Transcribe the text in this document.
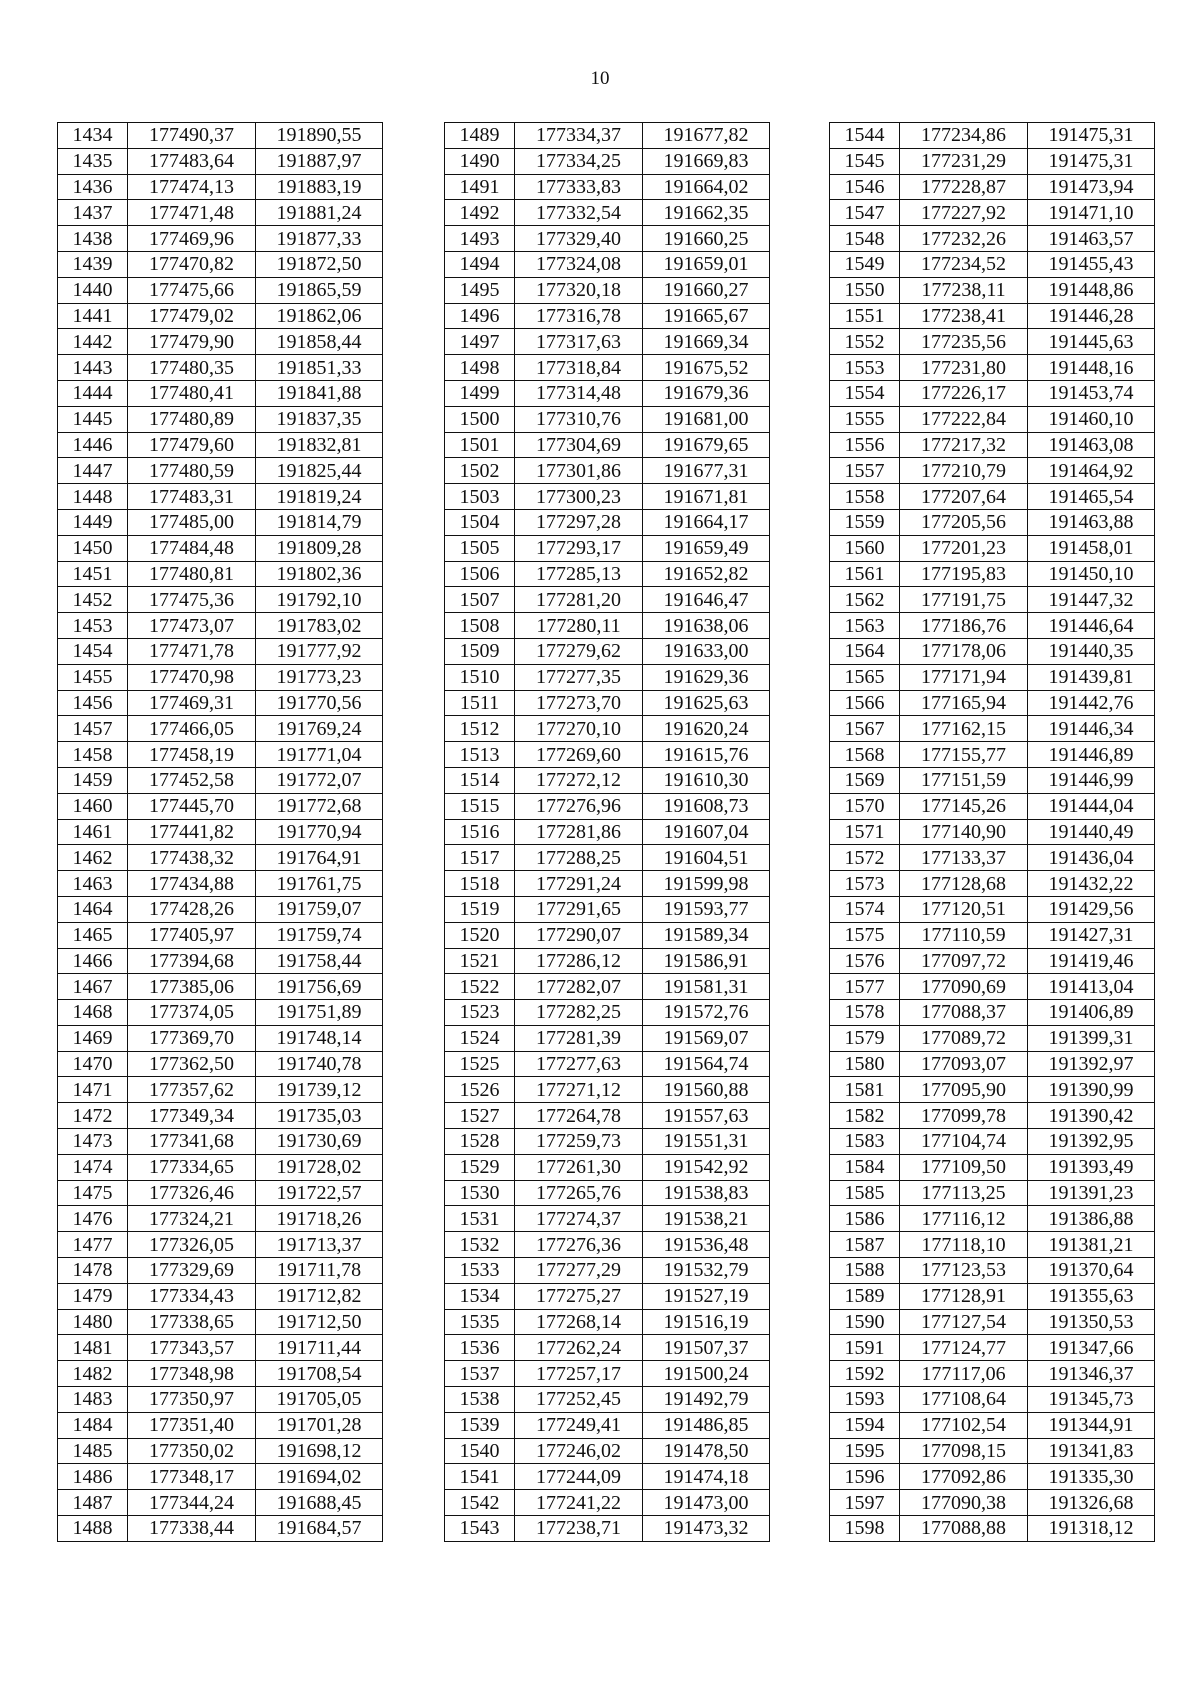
10
1434	177490,37	191890,55
1435	177483,64	191887,97
1436	177474,13	191883,19
1437	177471,48	191881,24
1438	177469,96	191877,33
1439	177470,82	191872,50
1440	177475,66	191865,59
1441	177479,02	191862,06
1442	177479,90	191858,44
1443	177480,35	191851,33
1444	177480,41	191841,88
1445	177480,89	191837,35
1446	177479,60	191832,81
1447	177480,59	191825,44
1448	177483,31	191819,24
1449	177485,00	191814,79
1450	177484,48	191809,28
1451	177480,81	191802,36
1452	177475,36	191792,10
1453	177473,07	191783,02
1454	177471,78	191777,92
1455	177470,98	191773,23
1456	177469,31	191770,56
1457	177466,05	191769,24
1458	177458,19	191771,04
1459	177452,58	191772,07
1460	177445,70	191772,68
1461	177441,82	191770,94
1462	177438,32	191764,91
1463	177434,88	191761,75
1464	177428,26	191759,07
1465	177405,97	191759,74
1466	177394,68	191758,44
1467	177385,06	191756,69
1468	177374,05	191751,89
1469	177369,70	191748,14
1470	177362,50	191740,78
1471	177357,62	191739,12
1472	177349,34	191735,03
1473	177341,68	191730,69
1474	177334,65	191728,02
1475	177326,46	191722,57
1476	177324,21	191718,26
1477	177326,05	191713,37
1478	177329,69	191711,78
1479	177334,43	191712,82
1480	177338,65	191712,50
1481	177343,57	191711,44
1482	177348,98	191708,54
1483	177350,97	191705,05
1484	177351,40	191701,28
1485	177350,02	191698,12
1486	177348,17	191694,02
1487	177344,24	191688,45
1488	177338,44	191684,57
1489	177334,37	191677,82
1490	177334,25	191669,83
1491	177333,83	191664,02
1492	177332,54	191662,35
1493	177329,40	191660,25
1494	177324,08	191659,01
1495	177320,18	191660,27
1496	177316,78	191665,67
1497	177317,63	191669,34
1498	177318,84	191675,52
1499	177314,48	191679,36
1500	177310,76	191681,00
1501	177304,69	191679,65
1502	177301,86	191677,31
1503	177300,23	191671,81
1504	177297,28	191664,17
1505	177293,17	191659,49
1506	177285,13	191652,82
1507	177281,20	191646,47
1508	177280,11	191638,06
1509	177279,62	191633,00
1510	177277,35	191629,36
1511	177273,70	191625,63
1512	177270,10	191620,24
1513	177269,60	191615,76
1514	177272,12	191610,30
1515	177276,96	191608,73
1516	177281,86	191607,04
1517	177288,25	191604,51
1518	177291,24	191599,98
1519	177291,65	191593,77
1520	177290,07	191589,34
1521	177286,12	191586,91
1522	177282,07	191581,31
1523	177282,25	191572,76
1524	177281,39	191569,07
1525	177277,63	191564,74
1526	177271,12	191560,88
1527	177264,78	191557,63
1528	177259,73	191551,31
1529	177261,30	191542,92
1530	177265,76	191538,83
1531	177274,37	191538,21
1532	177276,36	191536,48
1533	177277,29	191532,79
1534	177275,27	191527,19
1535	177268,14	191516,19
1536	177262,24	191507,37
1537	177257,17	191500,24
1538	177252,45	191492,79
1539	177249,41	191486,85
1540	177246,02	191478,50
1541	177244,09	191474,18
1542	177241,22	191473,00
1543	177238,71	191473,32
1544	177234,86	191475,31
1545	177231,29	191475,31
1546	177228,87	191473,94
1547	177227,92	191471,10
1548	177232,26	191463,57
1549	177234,52	191455,43
1550	177238,11	191448,86
1551	177238,41	191446,28
1552	177235,56	191445,63
1553	177231,80	191448,16
1554	177226,17	191453,74
1555	177222,84	191460,10
1556	177217,32	191463,08
1557	177210,79	191464,92
1558	177207,64	191465,54
1559	177205,56	191463,88
1560	177201,23	191458,01
1561	177195,83	191450,10
1562	177191,75	191447,32
1563	177186,76	191446,64
1564	177178,06	191440,35
1565	177171,94	191439,81
1566	177165,94	191442,76
1567	177162,15	191446,34
1568	177155,77	191446,89
1569	177151,59	191446,99
1570	177145,26	191444,04
1571	177140,90	191440,49
1572	177133,37	191436,04
1573	177128,68	191432,22
1574	177120,51	191429,56
1575	177110,59	191427,31
1576	177097,72	191419,46
1577	177090,69	191413,04
1578	177088,37	191406,89
1579	177089,72	191399,31
1580	177093,07	191392,97
1581	177095,90	191390,99
1582	177099,78	191390,42
1583	177104,74	191392,95
1584	177109,50	191393,49
1585	177113,25	191391,23
1586	177116,12	191386,88
1587	177118,10	191381,21
1588	177123,53	191370,64
1589	177128,91	191355,63
1590	177127,54	191350,53
1591	177124,77	191347,66
1592	177117,06	191346,37
1593	177108,64	191345,73
1594	177102,54	191344,91
1595	177098,15	191341,83
1596	177092,86	191335,30
1597	177090,38	191326,68
1598	177088,88	191318,12
